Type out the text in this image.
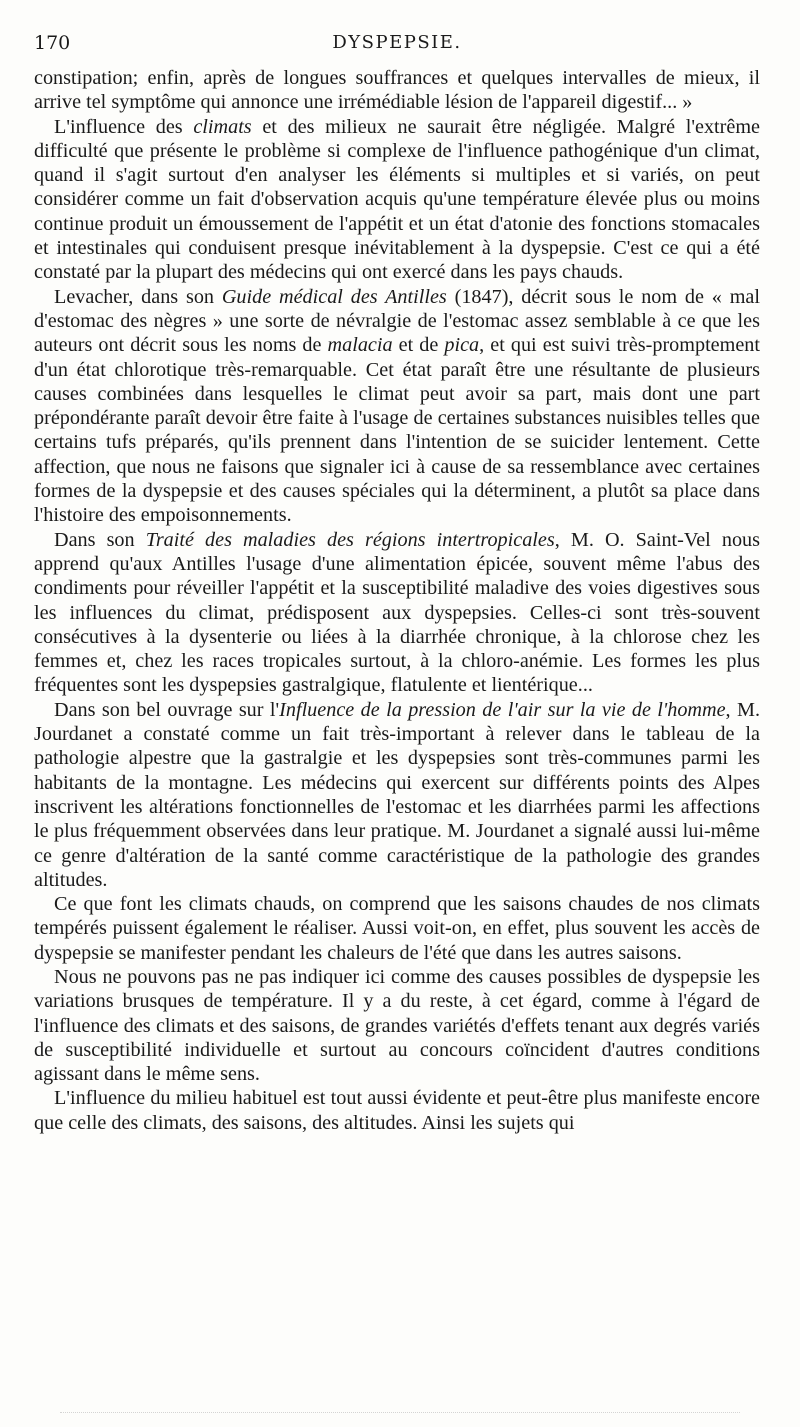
170	DYSPEPSIE.

constipation; enfin, après de longues souffrances et quelques intervalles de mieux, il arrive tel symptôme qui annonce une irrémédiable lésion de l'appareil digestif... »

L'influence des climats et des milieux ne saurait être négligée. Malgré l'extrême difficulté que présente le problème si complexe de l'influence pathogénique d'un climat, quand il s'agit surtout d'en analyser les éléments si multiples et si variés, on peut considérer comme un fait d'observation acquis qu'une température élevée plus ou moins continue produit un émoussement de l'appétit et un état d'atonie des fonctions stomacales et intestinales qui conduisent presque inévitablement à la dyspepsie. C'est ce qui a été constaté par la plupart des médecins qui ont exercé dans les pays chauds.

Levacher, dans son Guide médical des Antilles (1847), décrit sous le nom de « mal d'estomac des nègres » une sorte de névralgie de l'estomac assez semblable à ce que les auteurs ont décrit sous les noms de malacia et de pica, et qui est suivi très-promptement d'un état chlorotique très-remarquable. Cet état paraît être une résultante de plusieurs causes combinées dans lesquelles le climat peut avoir sa part, mais dont une part prépondérante paraît devoir être faite à l'usage de certaines substances nuisibles telles que certains tufs préparés, qu'ils prennent dans l'intention de se suicider lentement. Cette affection, que nous ne faisons que signaler ici à cause de sa ressemblance avec certaines formes de la dyspepsie et des causes spéciales qui la déterminent, a plutôt sa place dans l'histoire des empoisonnements.

Dans son Traité des maladies des régions intertropicales, M. O. Saint-Vel nous apprend qu'aux Antilles l'usage d'une alimentation épicée, souvent même l'abus des condiments pour réveiller l'appétit et la susceptibilité maladive des voies digestives sous les influences du climat, prédisposent aux dyspepsies. Celles-ci sont très-souvent consécutives à la dysenterie ou liées à la diarrhée chronique, à la chlorose chez les femmes et, chez les races tropicales surtout, à la chloro-anémie. Les formes les plus fréquentes sont les dyspepsies gastralgique, flatulente et lientérique...

Dans son bel ouvrage sur l'Influence de la pression de l'air sur la vie de l'homme, M. Jourdanet a constaté comme un fait très-important à relever dans le tableau de la pathologie alpestre que la gastralgie et les dyspepsies sont très-communes parmi les habitants de la montagne. Les médecins qui exercent sur différents points des Alpes inscrivent les altérations fonctionnelles de l'estomac et les diarrhées parmi les affections le plus fréquemment observées dans leur pratique. M. Jourdanet a signalé aussi lui-même ce genre d'altération de la santé comme caractéristique de la pathologie des grandes altitudes.

Ce que font les climats chauds, on comprend que les saisons chaudes de nos climats tempérés puissent également le réaliser. Aussi voit-on, en effet, plus souvent les accès de dyspepsie se manifester pendant les chaleurs de l'été que dans les autres saisons.

Nous ne pouvons pas ne pas indiquer ici comme des causes possibles de dyspepsie les variations brusques de température. Il y a du reste, à cet égard, comme à l'égard de l'influence des climats et des saisons, de grandes variétés d'effets tenant aux degrés variés de susceptibilité individuelle et surtout au concours coïncident d'autres conditions agissant dans le même sens.

L'influence du milieu habituel est tout aussi évidente et peut-être plus manifeste encore que celle des climats, des saisons, des altitudes. Ainsi les sujets qui
